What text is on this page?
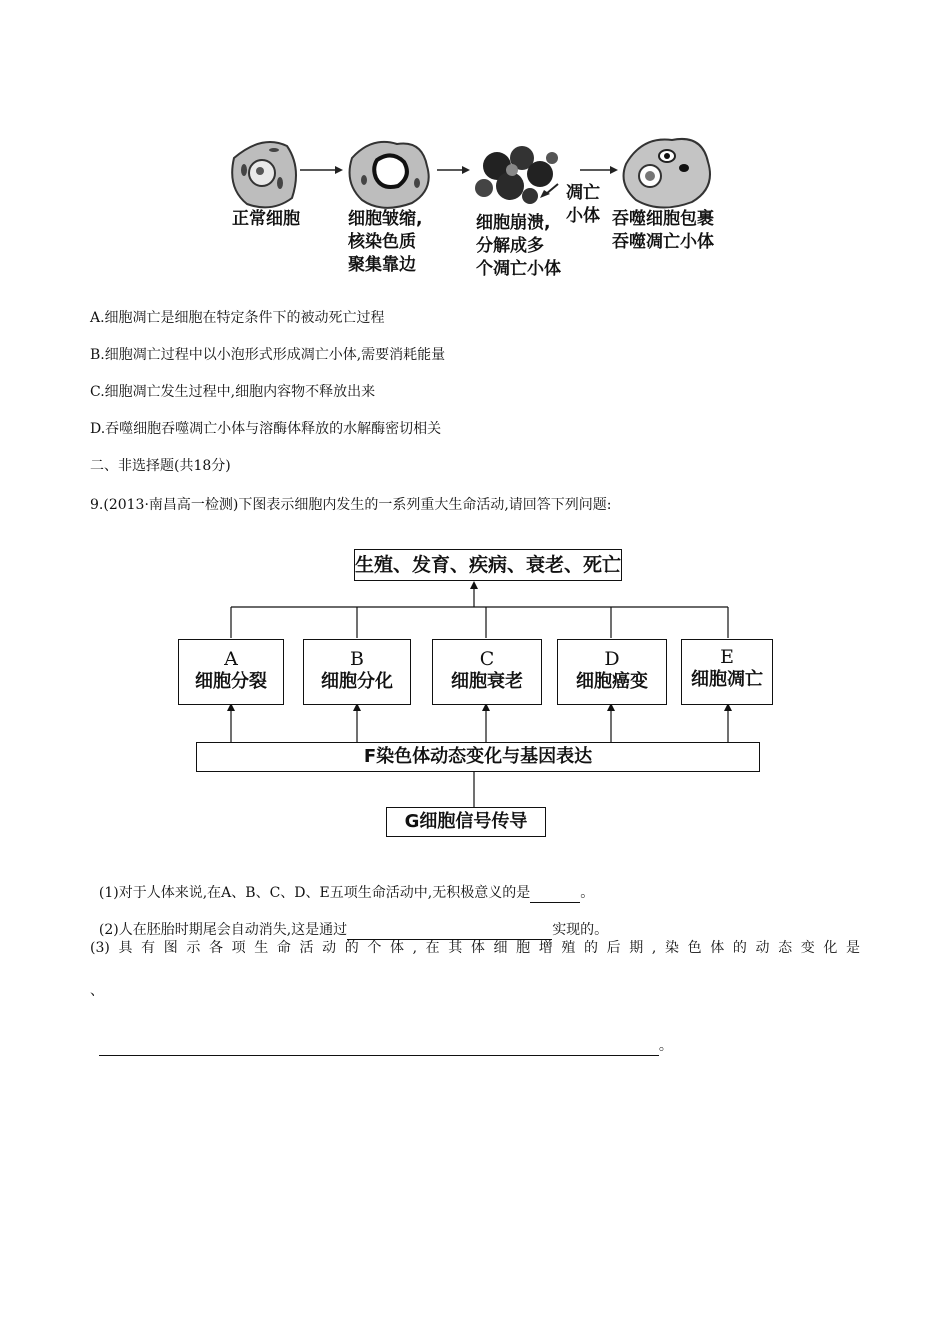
正常细胞	细胞皱缩,
核染色质
聚集靠边
细胞崩溃,
分解成多
个凋亡小体
凋亡
小体 吞噬细胞包裹
吞噬凋亡小体
A.细胞凋亡是细胞在特定条件下的被动死亡过程
B.细胞凋亡过程中以小泡形式形成凋亡小体,需要消耗能量
C.细胞凋亡发生过程中,细胞内容物不释放出来
D.吞噬细胞吞噬凋亡小体与溶酶体释放的水解酶密切相关
二、非选择题(共18分)
9.(2013·南昌高一检测)下图表示细胞内发生的一系列重大生命活动,请回答下列问题:
生殖、发育、疾病、衰老、死亡
A
细胞分裂
B
细胞分化
C
细胞衰老
D
细胞癌变
E
细胞凋亡
F染色体动态变化与基因表达
G细胞信号传导

(1)对于人体来说,在A、B、C、D、E五项生命活动中,无积极意义的是	。

(2)人在胚胎时期尾会自动消失,这是通过	实现的。

(3)具有图示各项生命活动的个体,在其体细胞增殖的后期,染色体的动态变化是
、

。
